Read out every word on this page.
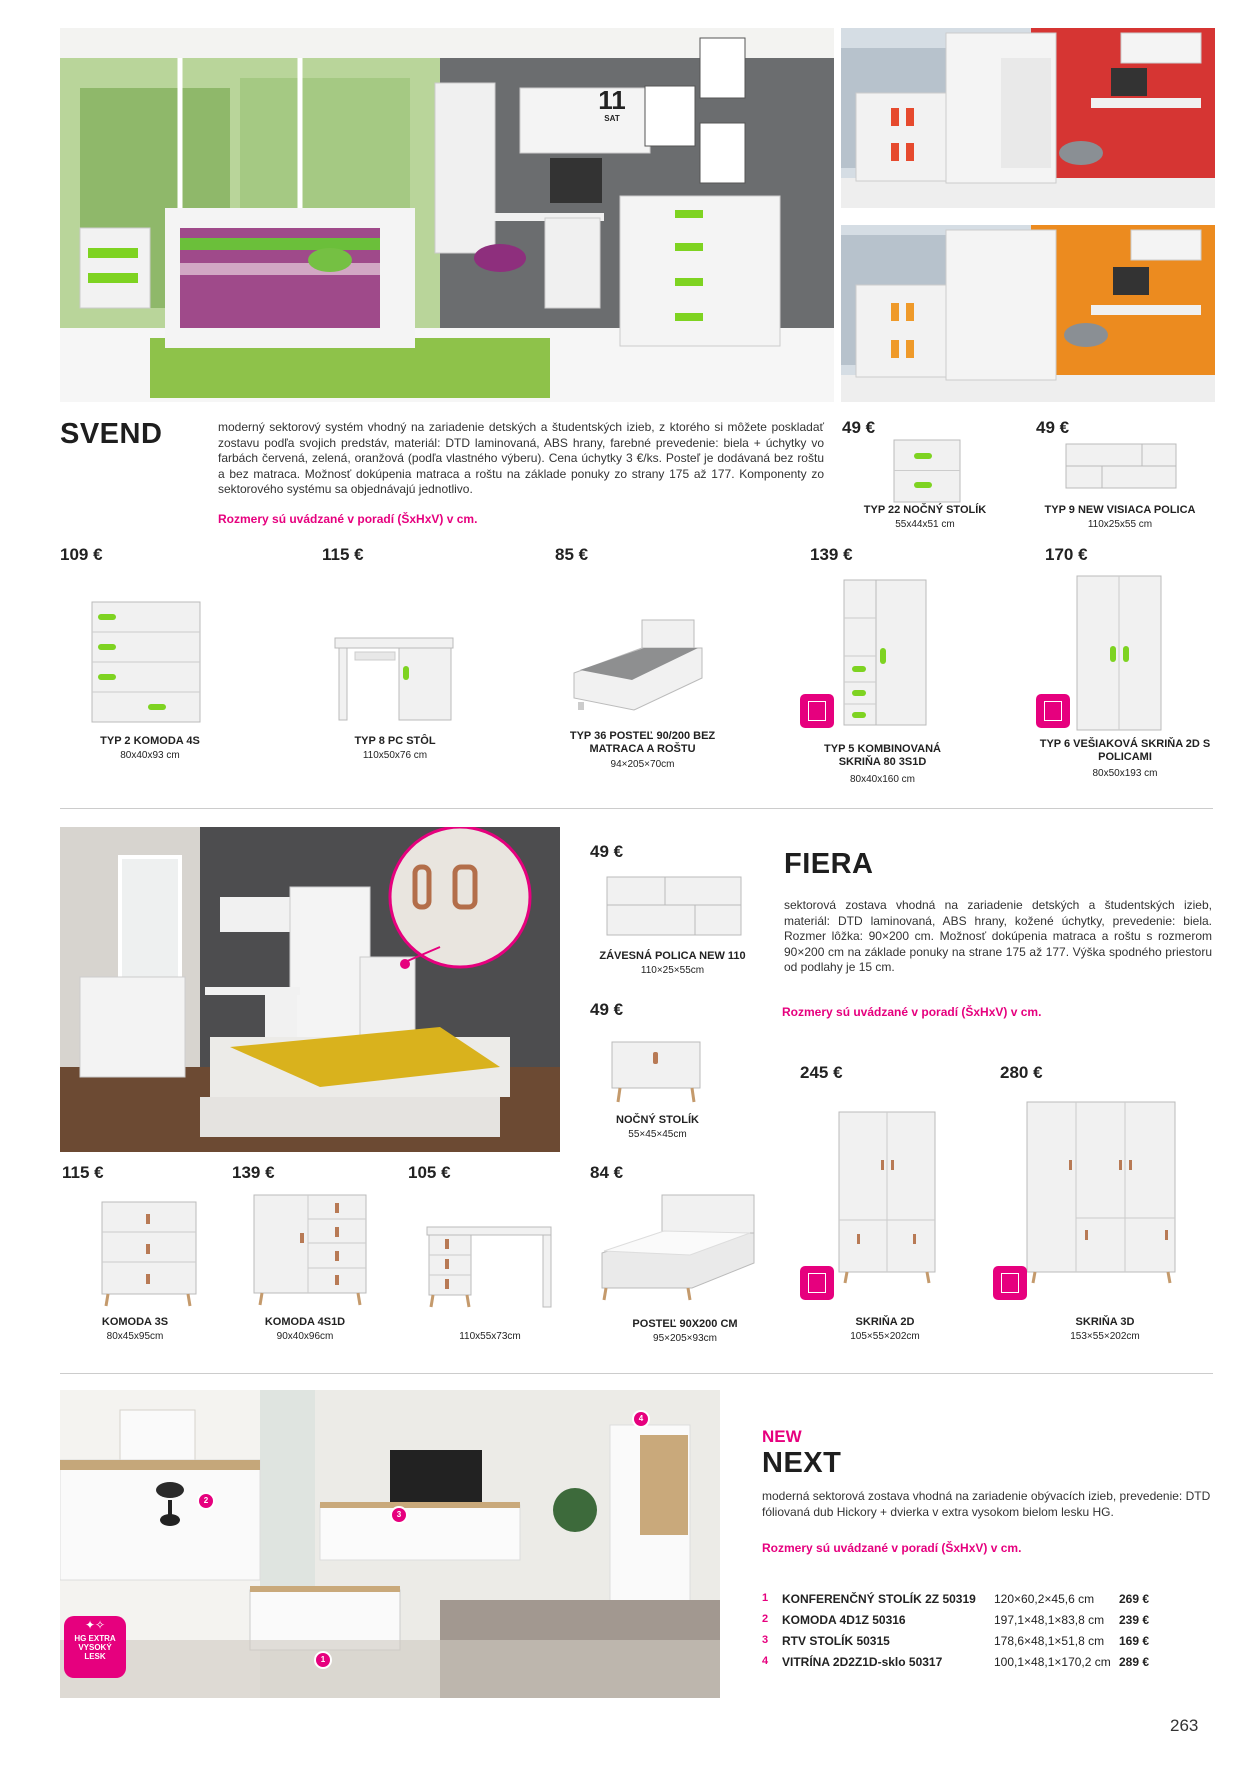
11
SAT
SVEND	moderný sektorový systém vhodný na zariadenie detských a študentských izieb, z ktorého si môžete poskladať zostavu podľa svojich predstáv, materiál: DTD laminovaná, ABS hrany, farebné prevedenie: biela + úchytky vo farbách červená, zelená, oranžová (podľa vlastného výberu). Cena úchytky 3 €/ks. Posteľ je dodávaná bez roštu a bez matraca. Možnosť dokúpenia matraca a roštu na základe ponuky zo strany 175 až 177. Komponenty zo sektorového systému sa objednávajú jednotlivo.
Rozmery sú uvádzané v poradí (ŠxHxV) v cm.
49 €
TYP 22 NOČNÝ STOLÍK
55x44x51 cm
49 €
TYP 9 NEW VISIACA POLICA
110x25x55 cm
109 €
TYP 2 KOMODA 4S
80x40x93 cm
115 €
TYP 8 PC STÔL
110x50x76 cm
85 €
TYP 36 POSTEĽ 90/200 BEZ MATRACA A ROŠTU
94×205×70cm
139 €
TYP 5 KOMBINOVANÁ SKRIŇA 80 3S1D
80x40x160 cm
170 €
TYP 6 VEŠIAKOVÁ SKRIŇA 2D S POLICAMI
80x50x193 cm
49 €
ZÁVESNÁ POLICA NEW 110
110×25×55cm
FIERA
sektorová zostava vhodná na zariadenie detských a študentských izieb, materiál: DTD laminovaná, ABS hrany, kožené úchytky, prevedenie: biela. Rozmer lôžka: 90×200 cm. Možnosť dokúpenia matraca a roštu s rozmerom 90×200 cm na základe ponuky na strane 175 až 177. Výška spodného priestoru od podlahy je 15 cm.
Rozmery sú uvádzané v poradí (ŠxHxV) v cm.
49 €
NOČNÝ STOLÍK
55×45×45cm
245 €
SKRIŇA 2D
105×55×202cm
280 €
SKRIŇA 3D
153×55×202cm
115 €
KOMODA 3S
80x45x95cm
139 €
KOMODA 4S1D
90x40x96cm
105 €
110x55x73cm
84 €
POSTEĽ 90X200 CM
95×205×93cm
2
3
4
1
✦✧
HG EXTRA
VYSOKÝ
LESK
NEW
NEXT
moderná sektorová zostava vhodná na zariadenie obývacích izieb, prevedenie: DTD fóliovaná dub Hickory + dvierka v extra vysokom bielom lesku HG.
Rozmery sú uvádzané v poradí (ŠxHxV) v cm.
1 KONFERENČNÝ STOLÍK 2Z 50319 120×60,2×45,6 cm 269 €
2 KOMODA 4D1Z 50316	197,1×48,1×83,8 cm 239 €
3 RTV STOLÍK 50315	178,6×48,1×51,8 cm 169 €
4 VITRÍNA 2D2Z1D-sklo 50317	100,1×48,1×170,2 cm 289 €
263
